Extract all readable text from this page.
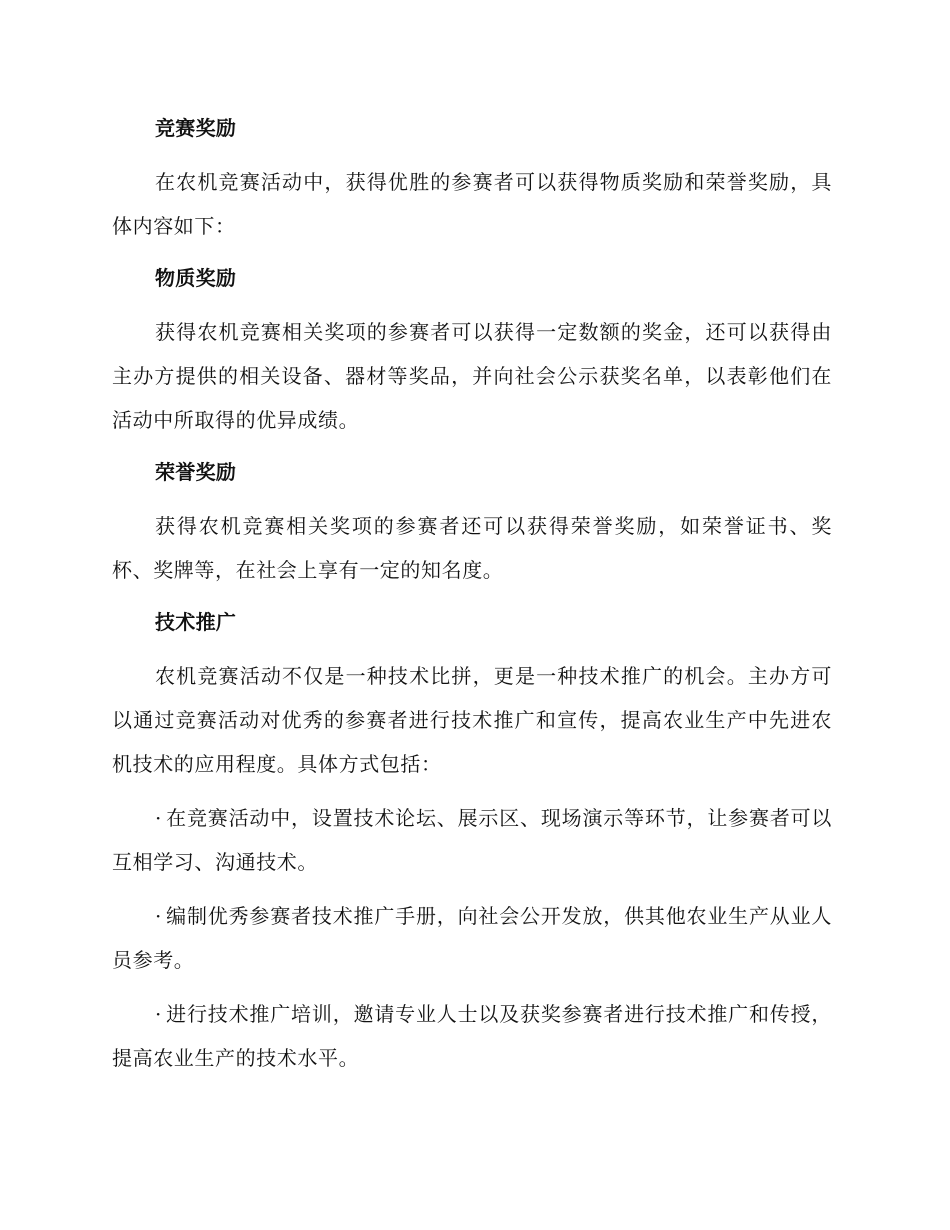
竞赛奖励

在农机竞赛活动中，获得优胜的参赛者可以获得物质奖励和荣誉奖励，具体内容如下：

物质奖励

获得农机竞赛相关奖项的参赛者可以获得一定数额的奖金，还可以获得由主办方提供的相关设备、器材等奖品，并向社会公示获奖名单，以表彰他们在活动中所取得的优异成绩。

荣誉奖励

获得农机竞赛相关奖项的参赛者还可以获得荣誉奖励，如荣誉证书、奖杯、奖牌等，在社会上享有一定的知名度。

技术推广

农机竞赛活动不仅是一种技术比拼，更是一种技术推广的机会。主办方可以通过竞赛活动对优秀的参赛者进行技术推广和宣传，提高农业生产中先进农机技术的应用程度。具体方式包括：

· 在竞赛活动中，设置技术论坛、展示区、现场演示等环节，让参赛者可以互相学习、沟通技术。

· 编制优秀参赛者技术推广手册，向社会公开发放，供其他农业生产从业人员参考。

· 进行技术推广培训，邀请专业人士以及获奖参赛者进行技术推广和传授，提高农业生产的技术水平。
